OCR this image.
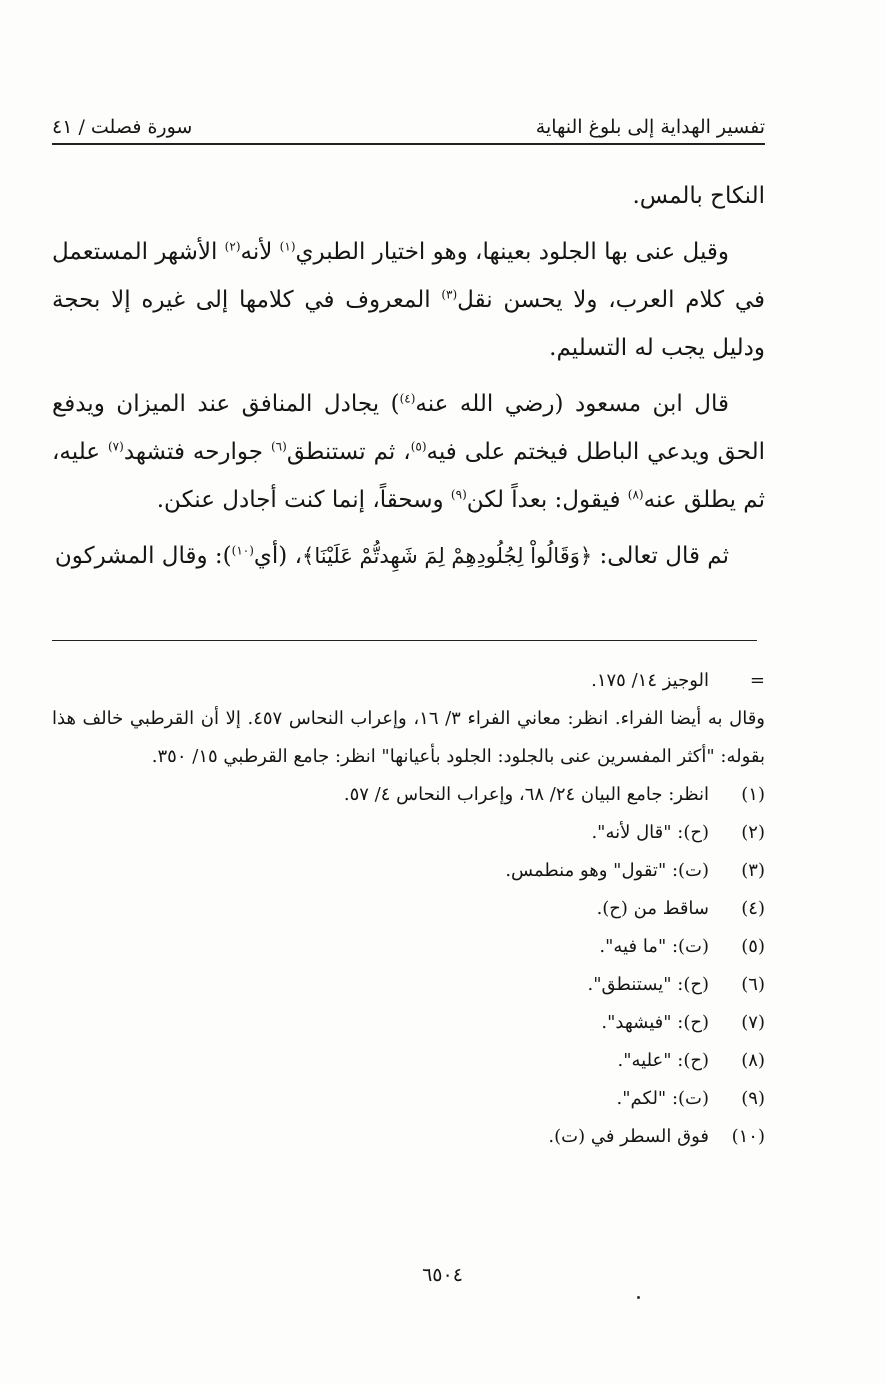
تفسير الهداية إلى بلوغ النهاية
سورة فصلت / ٤١

النكاح بالمس.

وقيل عنى بها الجلود بعينها، وهو اختيار الطبري$^{(١)}$ لأنه$^{(٢)}$ الأشهر المستعمل في كلام العرب، ولا يحسن نقل$^{(٣)}$ المعروف في كلامها إلى غيره إلا بحجة ودليل يجب له التسليم.

قال ابن مسعود (رضي الله عنه$^{(٤)}$) يجادل المنافق عند الميزان ويدفع الحق ويدعي الباطل فيختم على فيه$^{(٥)}$، ثم تستنطق$^{(٦)}$ جوارحه فتشهد$^{(٧)}$ عليه، ثم يطلق عنه$^{(٨)}$ فيقول: بعداً لكن$^{(٩)}$ وسحقاً، إنما كنت أجادل عنكن.

ثم قال تعالى: ﴿وَقَالُواْ لِجُلُودِهِمْ لِمَ شَهِدتُّمْ عَلَيْنَا﴾، (أي$^{(١٠)}$): وقال المشركون

=
الوجيز ١٤/ ١٧٥.
وقال به أيضا الفراء. انظر: معاني الفراء ٣/ ١٦، وإعراب النحاس ٤٥٧. إلا أن القرطبي خالف هذا بقوله: "أكثر المفسرين عنى بالجلود: الجلود بأعيانها" انظر: جامع القرطبي ١٥/ ٣٥٠.
(١)
انظر: جامع البيان ٢٤/ ٦٨، وإعراب النحاس ٤/ ٥٧.
(٢)
(ح): "قال لأنه".
(٣)
(ت): "تقول" وهو منطمس.
(٤)
ساقط من (ح).
(٥)
(ت): "ما فيه".
(٦)
(ح): "يستنطق".
(٧)
(ح): "فيشهد".
(٨)
(ح): "عليه".
(٩)
(ت): "لكم".
(١٠)
فوق السطر في (ت).
٦٥٠٤
